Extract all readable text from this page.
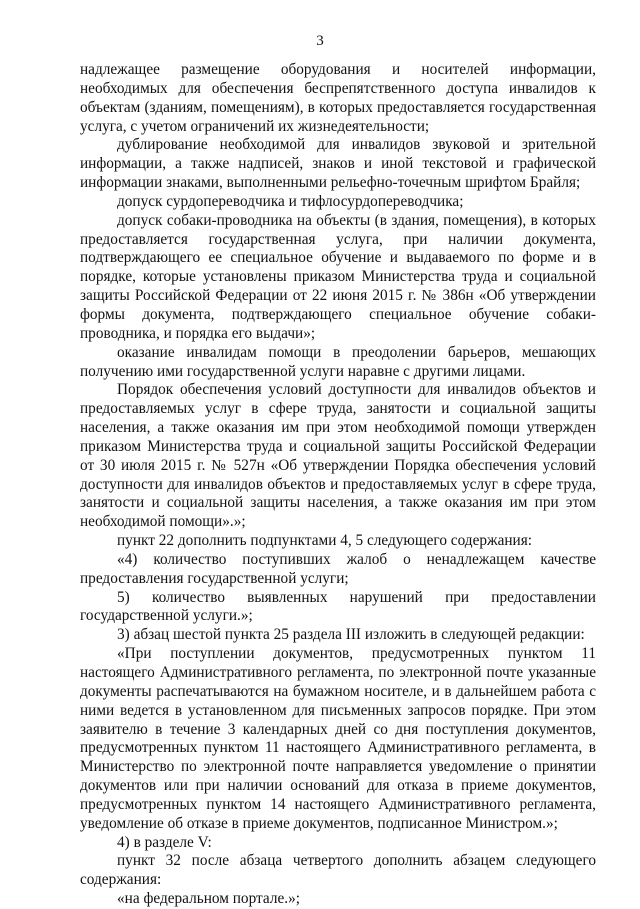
3

надлежащее размещение оборудования и носителей информации, необходимых для обеспечения беспрепятственного доступа инвалидов к объектам (зданиям, помещениям), в которых предоставляется государственная услуга, с учетом ограничений их жизнедеятельности;

дублирование необходимой для инвалидов звуковой и зрительной информации, а также надписей, знаков и иной текстовой и графической информации знаками, выполненными рельефно-точечным шрифтом Брайля;

допуск сурдопереводчика и тифлосурдопереводчика;

допуск собаки-проводника на объекты (в здания, помещения), в которых предоставляется государственная услуга, при наличии документа, подтверждающего ее специальное обучение и выдаваемого по форме и в порядке, которые установлены приказом Министерства труда и социальной защиты Российской Федерации от 22 июня 2015 г. № 386н «Об утверждении формы документа, подтверждающего специальное обучение собаки-проводника, и порядка его выдачи»;

оказание инвалидам помощи в преодолении барьеров, мешающих получению ими государственной услуги наравне с другими лицами.

Порядок обеспечения условий доступности для инвалидов объектов и предоставляемых услуг в сфере труда, занятости и социальной защиты населения, а также оказания им при этом необходимой помощи утвержден приказом Министерства труда и социальной защиты Российской Федерации от 30 июля 2015 г. № 527н «Об утверждении Порядка обеспечения условий доступности для инвалидов объектов и предоставляемых услуг в сфере труда, занятости и социальной защиты населения, а также оказания им при этом необходимой помощи».»;

пункт 22 дополнить подпунктами 4, 5 следующего содержания:

«4) количество поступивших жалоб о ненадлежащем качестве предоставления государственной услуги;

5) количество выявленных нарушений при предоставлении государственной услуги.»;

3) абзац шестой пункта 25 раздела III изложить в следующей редакции:

«При поступлении документов, предусмотренных пунктом 11 настоящего Административного регламента, по электронной почте указанные документы распечатываются на бумажном носителе, и в дальнейшем работа с ними ведется в установленном для письменных запросов порядке. При этом заявителю в течение 3 календарных дней со дня поступления документов, предусмотренных пунктом 11 настоящего Административного регламента, в Министерство по электронной почте направляется уведомление о принятии документов или при наличии оснований для отказа в приеме документов, предусмотренных пунктом 14 настоящего Административного регламента, уведомление об отказе в приеме документов, подписанное Министром.»;

4) в разделе V:

пункт 32 после абзаца четвертого дополнить абзацем следующего содержания:

«на федеральном портале.»;
